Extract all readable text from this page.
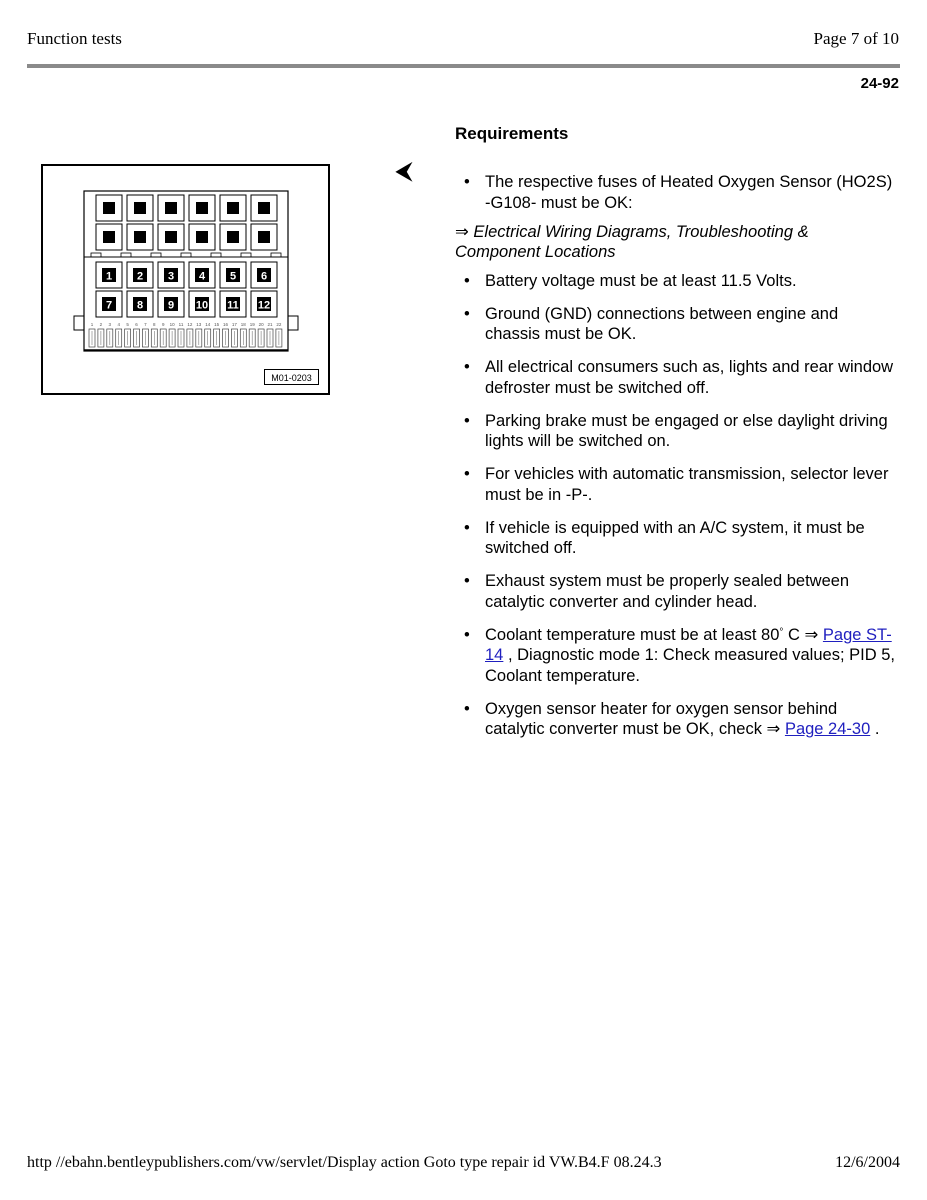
Function tests	Page 7 of 10
24-92
Requirements
⮜
1 2 3 4 5 6
7 8 9 10 11 12
1 2 3 4 5 6 7 8 9 10 11 12 13 14 15 16 17 18 19 20 21 22
M01-0203
• The respective fuses of Heated Oxygen Sensor (HO2S) -G108- must be OK:
⇒ Electrical Wiring Diagrams, Troubleshooting & Component Locations
• Battery voltage must be at least 11.5 Volts.
• Ground (GND) connections between engine and chassis must be OK.
• All electrical consumers such as, lights and rear window defroster must be switched off.
• Parking brake must be engaged or else daylight driving lights will be switched on.
• For vehicles with automatic transmission, selector lever must be in -P-.
• If vehicle is equipped with an A/C system, it must be switched off.
• Exhaust system must be properly sealed between catalytic converter and cylinder head.
• Coolant temperature must be at least 80° C ⇒ Page ST-14 , Diagnostic mode 1: Check measured values; PID 5, Coolant temperature.
• Oxygen sensor heater for oxygen sensor behind catalytic converter must be OK, check ⇒ Page 24-30 .
http //ebahn.bentleypublishers.com/vw/servlet/Display action Goto type repair id VW.B4.F 08.24.3	12/6/2004
